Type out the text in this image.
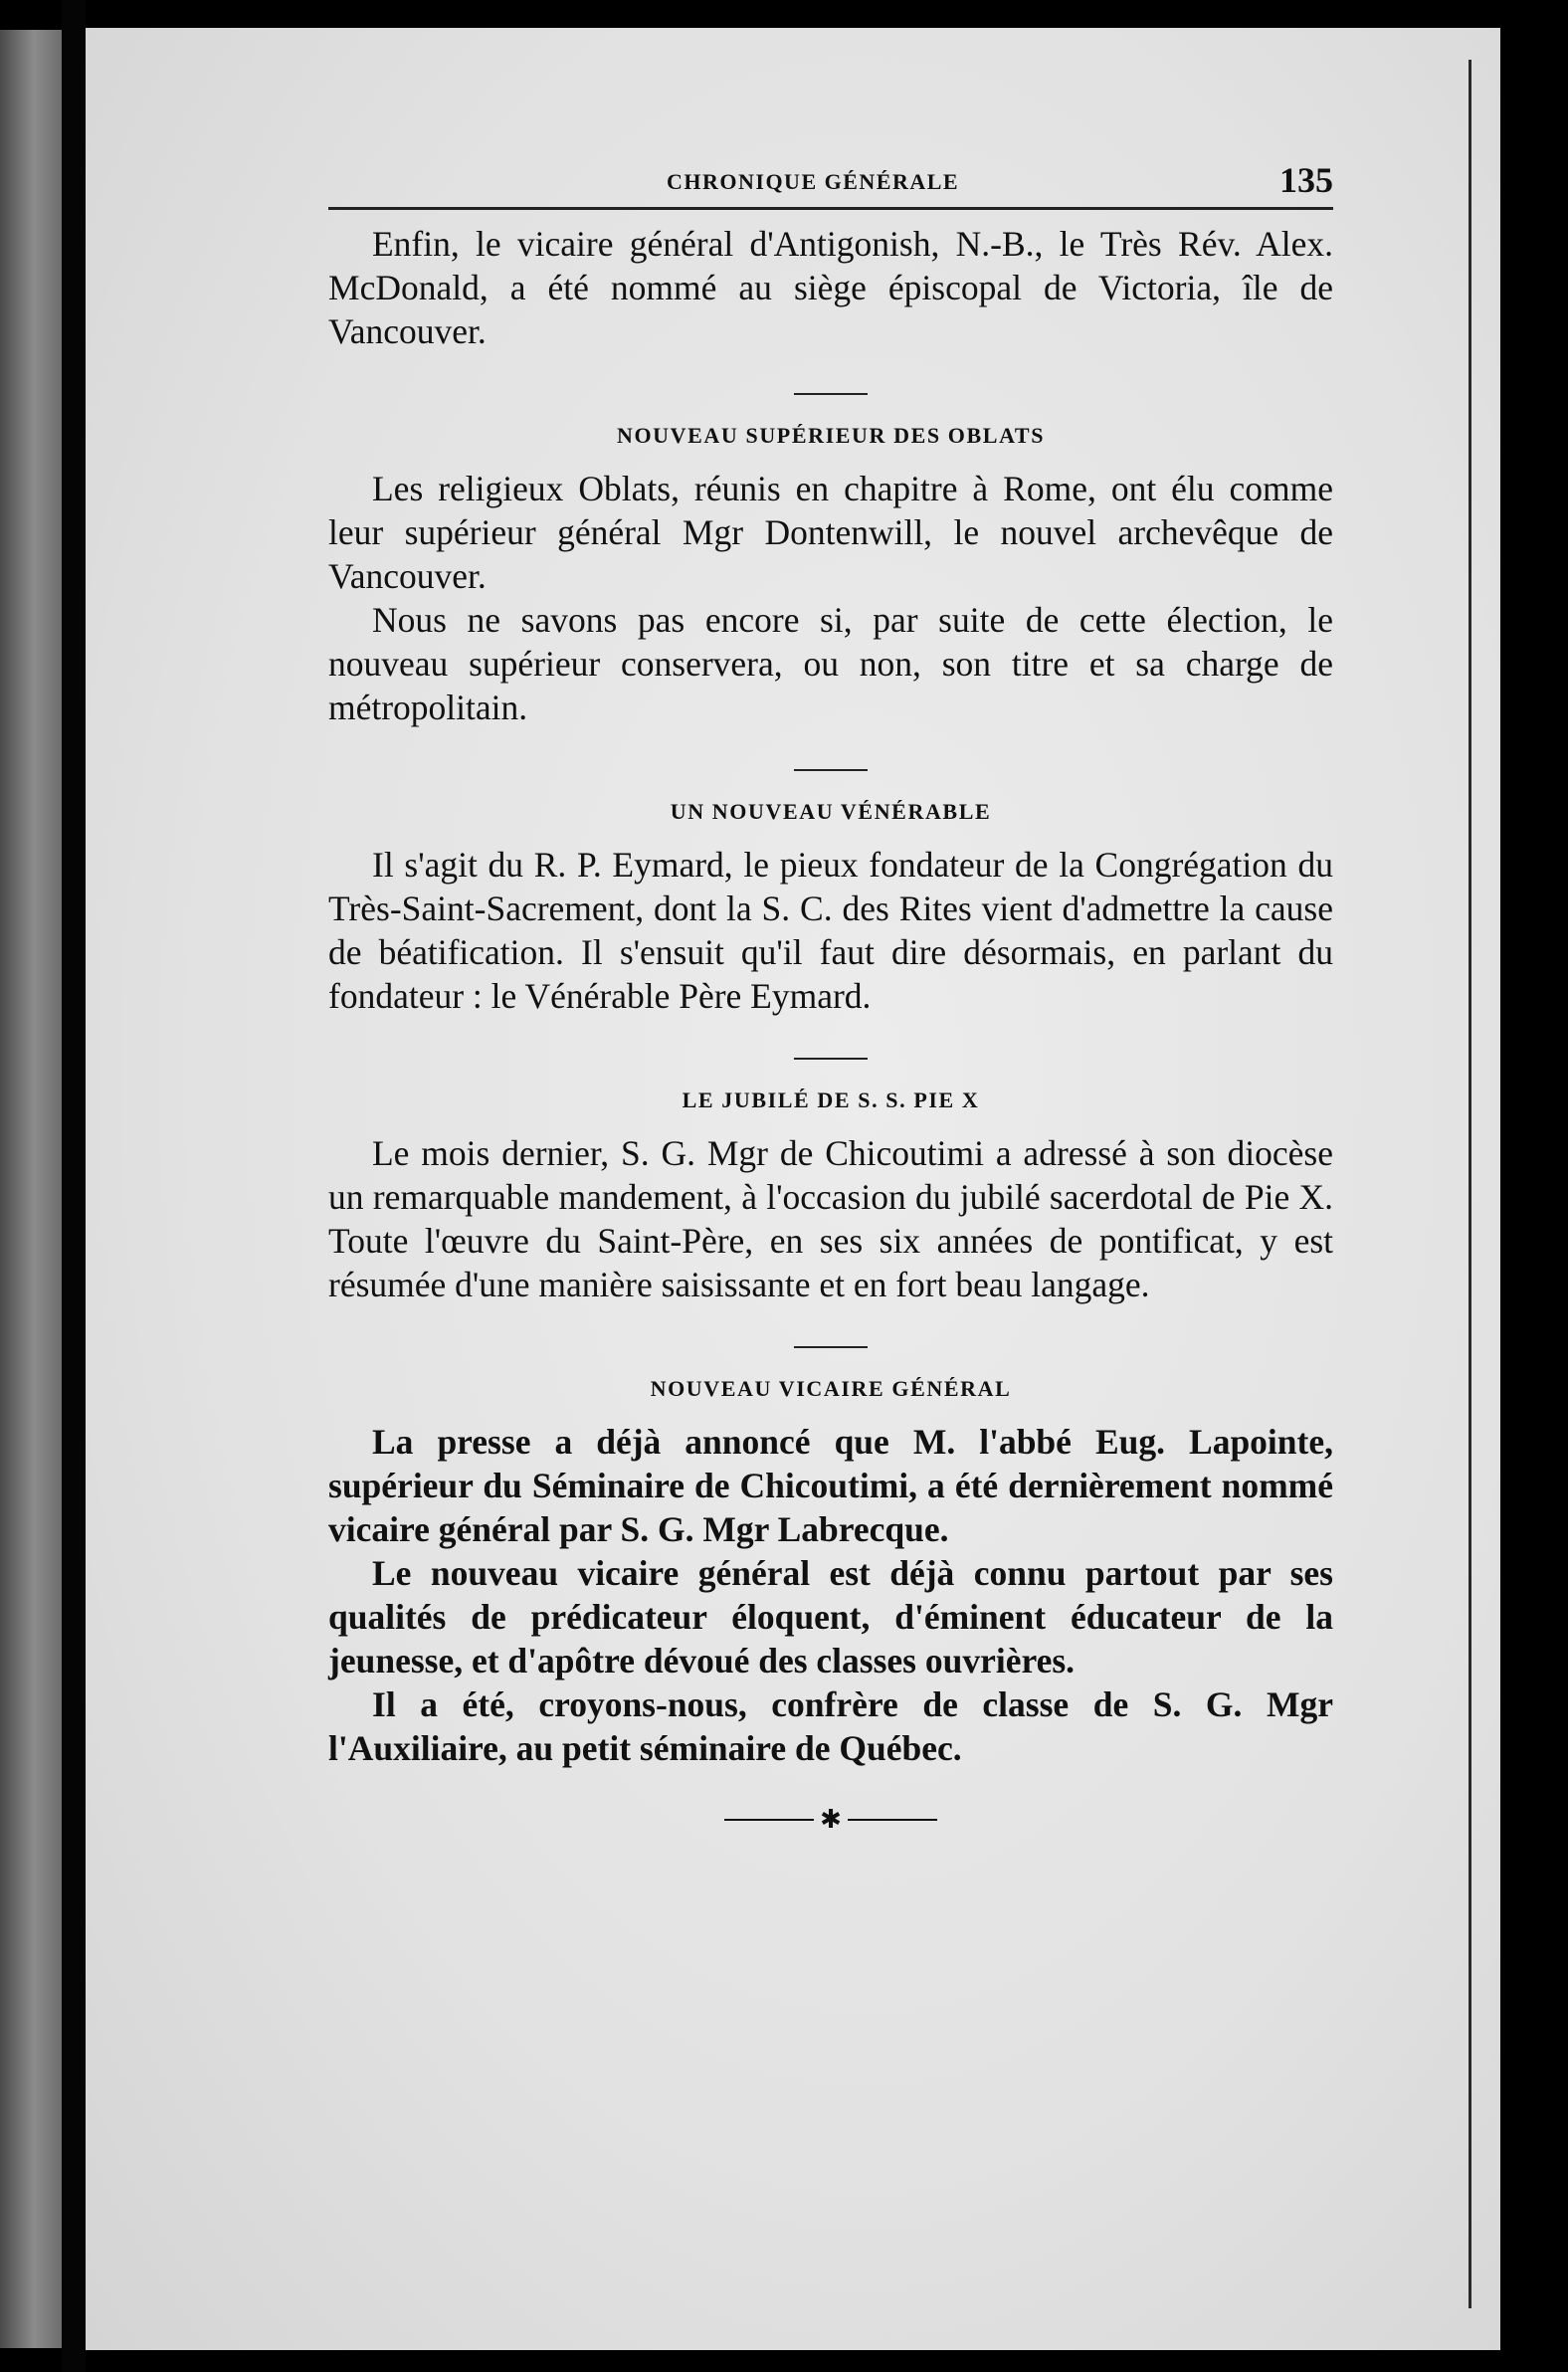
CHRONIQUE GÉNÉRALE	135

Enfin, le vicaire général d'Antigonish, N.-B., le Très Rév. Alex. McDonald, a été nommé au siège épiscopal de Victoria, île de Vancouver.

NOUVEAU SUPÉRIEUR DES OBLATS

Les religieux Oblats, réunis en chapitre à Rome, ont élu comme leur supérieur général Mgr Dontenwill, le nouvel archevêque de Vancouver.

Nous ne savons pas encore si, par suite de cette élection, le nouveau supérieur conservera, ou non, son titre et sa charge de métropolitain.

UN NOUVEAU VÉNÉRABLE

Il s'agit du R. P. Eymard, le pieux fondateur de la Congrégation du Très-Saint-Sacrement, dont la S. C. des Rites vient d'admettre la cause de béatification. Il s'ensuit qu'il faut dire désormais, en parlant du fondateur : le Vénérable Père Eymard.

LE JUBILÉ DE S. S. PIE X

Le mois dernier, S. G. Mgr de Chicoutimi a adressé à son diocèse un remarquable mandement, à l'occasion du jubilé sacerdotal de Pie X. Toute l'œuvre du Saint-Père, en ses six années de pontificat, y est résumée d'une manière saisissante et en fort beau langage.

NOUVEAU VICAIRE GÉNÉRAL

La presse a déjà annoncé que M. l'abbé Eug. Lapointe, supérieur du Séminaire de Chicoutimi, a été dernièrement nommé vicaire général par S. G. Mgr Labrecque.

Le nouveau vicaire général est déjà connu partout par ses qualités de prédicateur éloquent, d'éminent éducateur de la jeunesse, et d'apôtre dévoué des classes ouvrières.

Il a été, croyons-nous, confrère de classe de S. G. Mgr l'Auxiliaire, au petit séminaire de Québec.

✱
